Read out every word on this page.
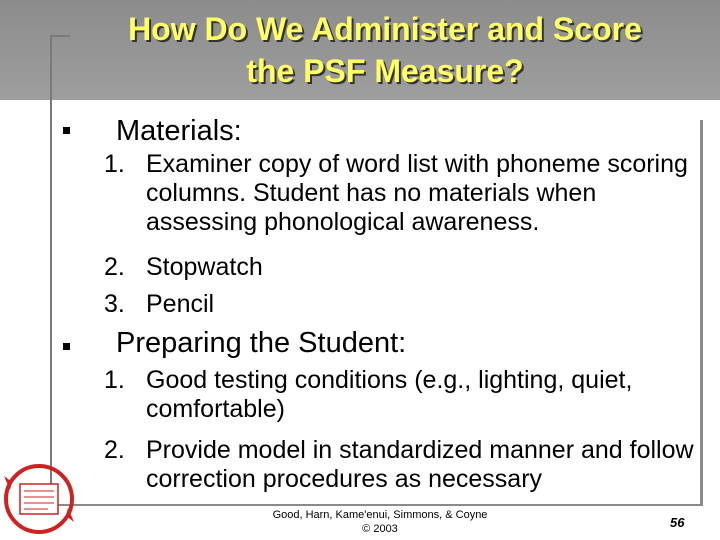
How Do We Administer and Score
the PSF Measure?
Materials:
1. Examiner copy of word list with phoneme scoring columns. Student has no materials when assessing phonological awareness.
2. Stopwatch
3. Pencil
Preparing the Student:
1. Good testing conditions (e.g., lighting, quiet, comfortable)
2. Provide model in standardized manner and follow correction procedures as necessary
Good, Harn, Kame'enui, Simmons, & Coyne
© 2003	56
